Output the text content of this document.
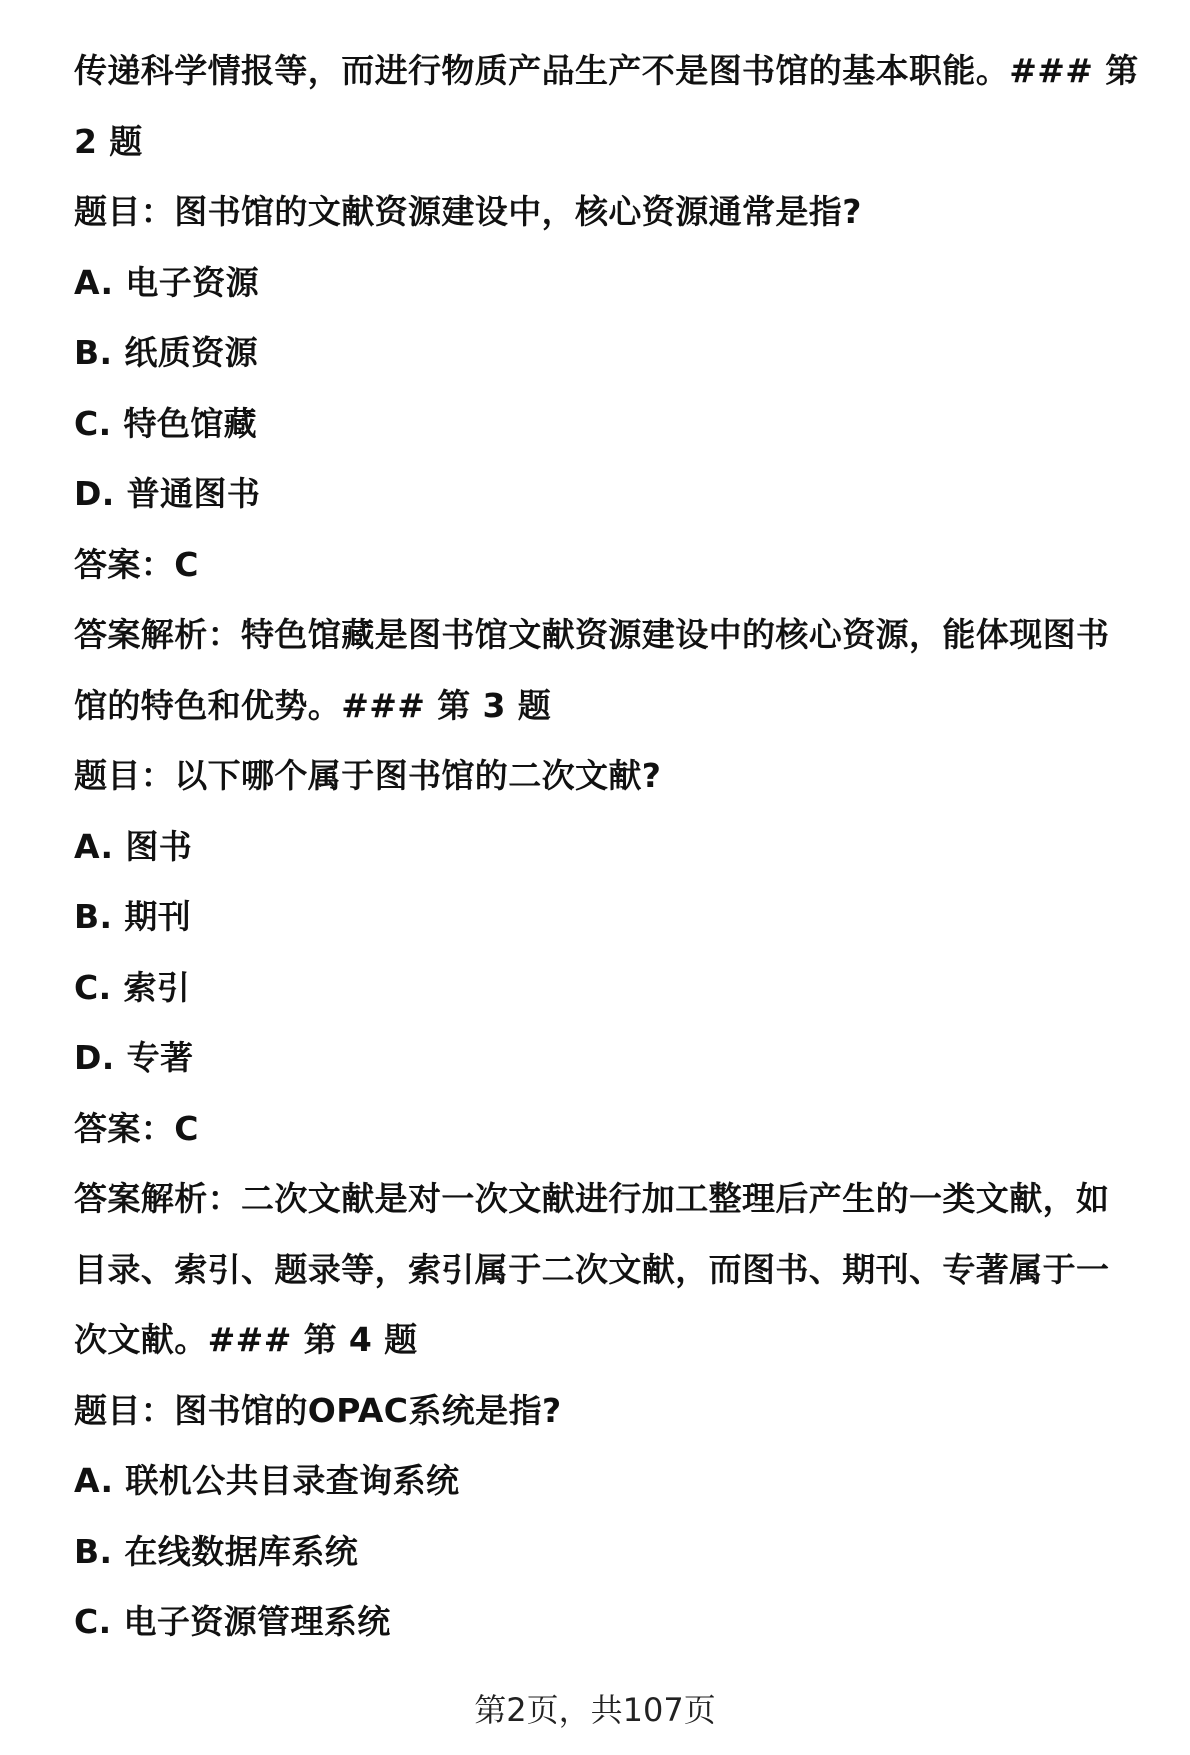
传递科学情报等，而进行物质产品生产不是图书馆的基本职能。### 第
2 题
题目：图书馆的文献资源建设中，核心资源通常是指?
A. 电子资源
B. 纸质资源
C. 特色馆藏
D. 普通图书
答案：C
答案解析：特色馆藏是图书馆文献资源建设中的核心资源，能体现图书
馆的特色和优势。### 第 3 题
题目：以下哪个属于图书馆的二次文献?
A. 图书
B. 期刊
C. 索引
D. 专著
答案：C
答案解析：二次文献是对一次文献进行加工整理后产生的一类文献，如
目录、索引、题录等，索引属于二次文献，而图书、期刊、专著属于一
次文献。### 第 4 题
题目：图书馆的OPAC系统是指?
A. 联机公共目录查询系统
B. 在线数据库系统
C. 电子资源管理系统
第2页，共107页
